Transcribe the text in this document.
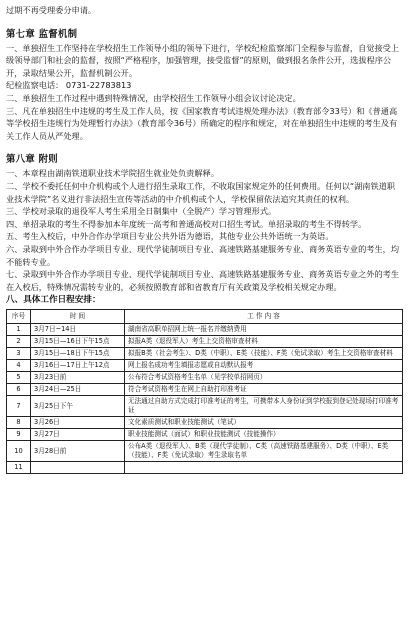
过期不再受理委分申请。
第七章 监督机制
一、单独招生工作坚持在学校招生工作领导小组的领导下进行，学校纪检监察部门全程参与监督，自觉接受上级领导部门和社会的监督，按照“严格程序，加强管理，接受监督”的原则，做到报名条件公开，选拔程序公开，录取结果公开，监督机制公开。
纪检监察电话： 0731-22783813
二、单独招生工作过程中遇到特殊情况，由学校招生工作领导小组会议讨论决定。
三、凡在单独招生中违规的考生及工作人员，按《国家教育考试违规处理办法》（教育部令33号）和《普通高等学校招生违规行为处理暂行办法》（教育部令36号）所确定的程序和规定，对在单独招生中违规的考生及有关工作人员从严处理。
第八章 附则
一、本章程由湖南铁道职业技术学院招生就业处负责解释。
二、学校不委托任何中介机构或个人进行招生录取工作，不收取国家规定外的任何费用。任何以“湖南铁道职业技术学院”名义进行非法招生宣传等活动的中介机构或个人，学校保留依法追究其责任的权利。
三、学校对录取的退役军人考生采用全日制集中（全脱产）学习管理形式。
四、单招录取的考生不得参加本年度统一高考和普通高校对口招生考试。单招录取的考生不得转学。
五、考生入校后，中外合作办学项目专业公共外语为德语，其他专业公共外语统一为英语。
六、录取到中外合作办学项目专业、现代学徒制项目专业、高速铁路基建服务专业、商务英语专业的考生，均不能转专业。
七、录取到中外合作办学项目专业、现代学徒制项目专业、高速铁路基建服务专业、商务英语专业之外的考生在入校后，特殊情况需转专业的，必须按照教育部和省教育厅有关政策及学校相关规定办理。
八、具体工作日程安排：
序号	时 间	工 作 内 容
1	3月7日~14日	湖南省高职单招网上统一报名并缴纳费用
2	3月15日—16日下午15点	拟报A类（退役军人）考生上交资格审查材料
3	3月15日—18日下午15点	拟报B类（社会考生）、D类（中职）、E类（技能）、F类（免试录取）考生上交资格审查材料
4	3月16日—17日上午12点	网上报名成功考生填报志愿或自动默认报考
5	3月23日前	公布符合考试资格考生名单（见学校单招网页）
6	3月24日—25日	符合考试资格考生在网上自助打印准考证
7	3月25日下午	无法通过自助方式完成打印准考证的考生，可携带本人身份证到学校报到登记处现场打印准考证
8	3月26日	文化素质测试和职业技能测试（笔试）
9	3月27日	职业技能测试（面试）和职业技能测试（技能操作）
10	3月28日前	公布A类（退役军人）、B类（现代学徒制）、C类（高速铁路基建服务）、D类（中职）、E类（技能）、F类（免试录取）考生录取名单
11		
